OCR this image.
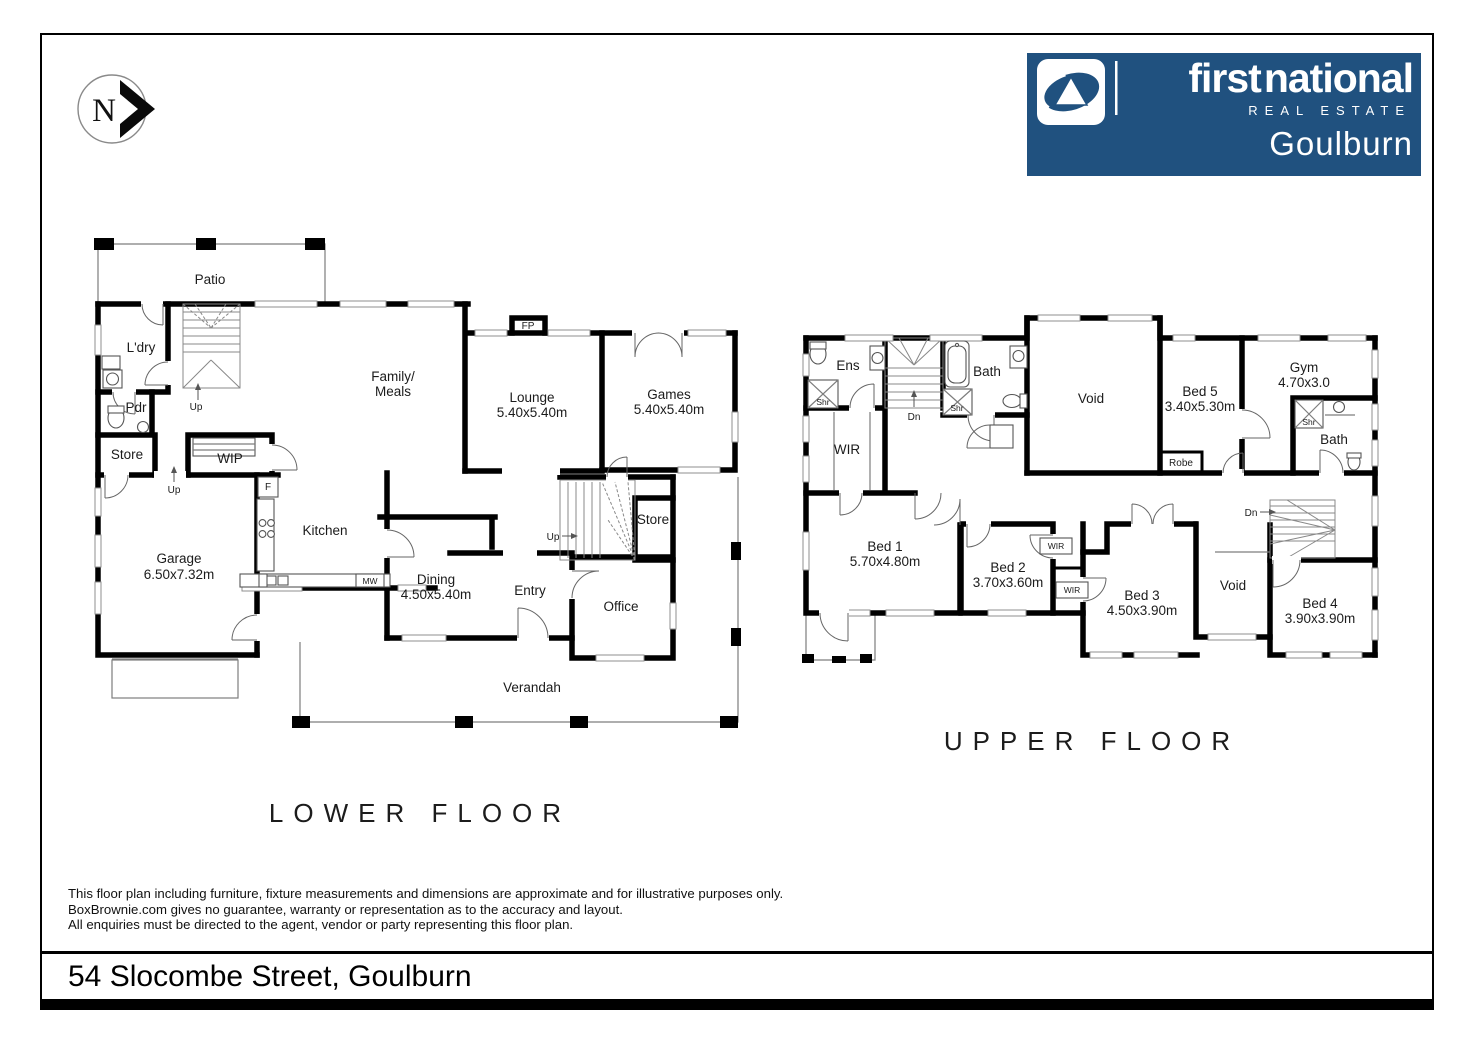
N
firstnational
REAL ESTATE
Goulburn
Patio
L'dry
Pdr
Store	WIP
Garage
6.50x7.32m
Kitchen
Family/
Meals	Lounge
5.40x5.40m
Games
5.40x5.40m
Dining
4.50x5.40m	Entry
Office
Store
Verandah
FP
F
MW
Up
Up
Up
Ens
WIR
Bath
Void	Bed 5
3.40x5.30m
Robe
Gym
4.70x3.0
Bath
Bed 1
5.70x4.80m	Bed 2
3.70x3.60m
WIR
WIR	Bed 3
4.50x3.90m
Void
Bed 4
3.90x3.90m
Shr
Shr
Shr
Dn
Dn
LOWER FLOOR
UPPER FLOOR
This floor plan including furniture, fixture measurements and dimensions are approximate and for illustrative purposes only.
BoxBrownie.com gives no guarantee, warranty or representation as to the accuracy and layout.
All enquiries must be directed to the agent, vendor or party representing this floor plan.
54 Slocombe Street, Goulburn
